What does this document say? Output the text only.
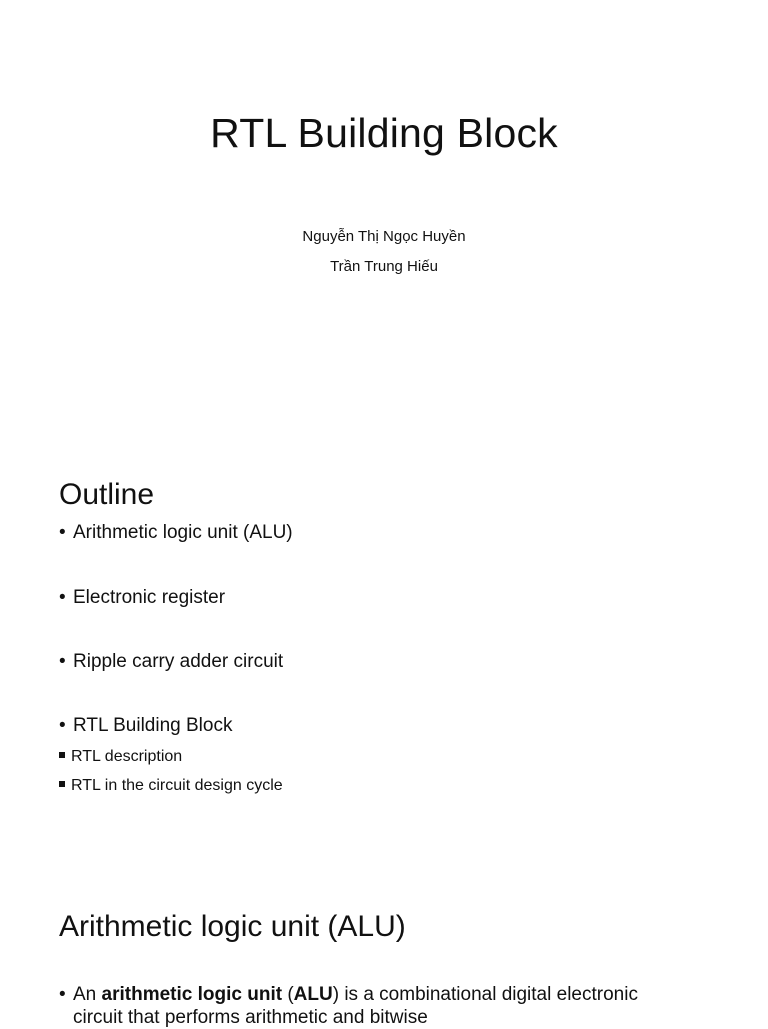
RTL Building Block

Nguyễn Thị Ngọc Huyền

Trần Trung Hiếu

Outline

• Arithmetic logic unit (ALU)

• Electronic register

• Ripple carry adder circuit

• RTL Building Block

RTL description

RTL in the circuit design cycle

Arithmetic logic unit (ALU)

• An arithmetic logic unit (ALU) is a combinational digital electronic
circuit that performs arithmetic and bitwise
